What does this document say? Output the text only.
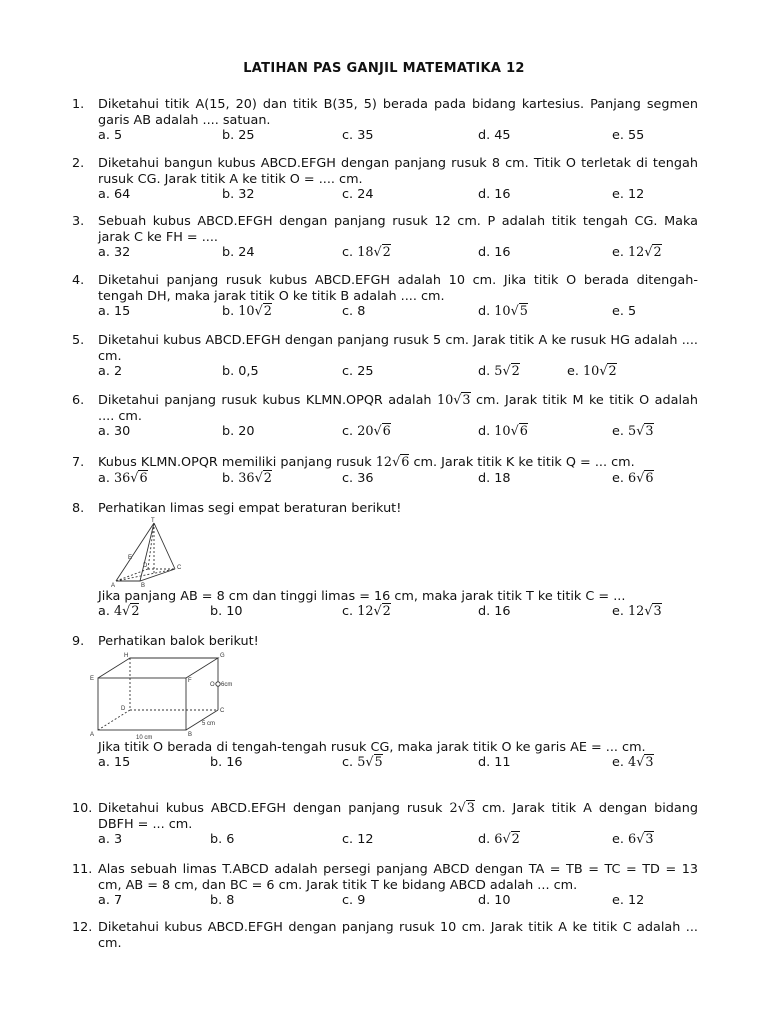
LATIHAN PAS GANJIL MATEMATIKA 12
1.	Diketahui titik A(15, 20) dan titik B(35, 5) berada pada bidang kartesius. Panjang segmen garis AB adalah .... satuan.
a. 5	b. 25	c. 35	d. 45	e. 55
2.	Diketahui bangun kubus ABCD.EFGH dengan panjang rusuk 8 cm. Titik O terletak di tengah rusuk CG. Jarak titik A ke titik O = .... cm.
a. 64	b. 32	c. 24	d. 16	e. 12
3.	Sebuah kubus ABCD.EFGH dengan panjang rusuk 12 cm. P adalah titik tengah CG. Maka jarak C ke FH = ....
a. 32	b. 24	c. 18√2	d. 16	e. 12√2
4.	Diketahui panjang rusuk kubus ABCD.EFGH adalah 10 cm. Jika titik O berada ditengah-tengah DH, maka jarak titik O ke titik B adalah .... cm.
a. 15	b. 10√2	c. 8	d. 10√5	e. 5
5.	Diketahui kubus ABCD.EFGH dengan panjang rusuk 5 cm. Jarak titik A ke rusuk HG adalah .... cm.
a. 2	b. 0,5	c. 25	d. 5√2	e. 10√2
6.	Diketahui panjang rusuk kubus KLMN.OPQR adalah 10√3 cm. Jarak titik M ke titik O adalah .... cm.
a. 30	b. 20	c. 20√6	d. 10√6	e. 5√3
7.	Kubus KLMN.OPQR memiliki panjang rusuk 12√6 cm. Jarak titik K ke titik Q = ... cm.
a. 36√6	b. 36√2	c. 36	d. 18	e. 6√6
8.	Perhatikan limas segi empat beraturan berikut!
T
E
D	C
A	B
Jika panjang AB = 8 cm dan tinggi limas = 16 cm, maka jarak titik T ke titik C = ...
a. 4√2	b. 10	c. 12√2	d. 16	e. 12√3
9.	Perhatikan balok berikut!
H	G
E	F
O 6cm
D	C
5 cm
A	B
10 cm
Jika titik O berada di tengah-tengah rusuk CG, maka jarak titik O ke garis AE = ... cm.
a. 15	b. 16	c. 5√5	d. 11	e. 4√3
10. Diketahui kubus ABCD.EFGH dengan panjang rusuk 2√3 cm. Jarak titik A dengan bidang DBFH = ... cm.
a. 3	b. 6	c. 12	d. 6√2	e. 6√3
11. Alas sebuah limas T.ABCD adalah persegi panjang ABCD dengan TA = TB = TC = TD = 13 cm, AB = 8 cm, dan BC = 6 cm. Jarak titik T ke bidang ABCD adalah ... cm.
a. 7	b. 8	c. 9	d. 10	e. 12
12. Diketahui kubus ABCD.EFGH dengan panjang rusuk 10 cm. Jarak titik A ke titik C adalah ... cm.
